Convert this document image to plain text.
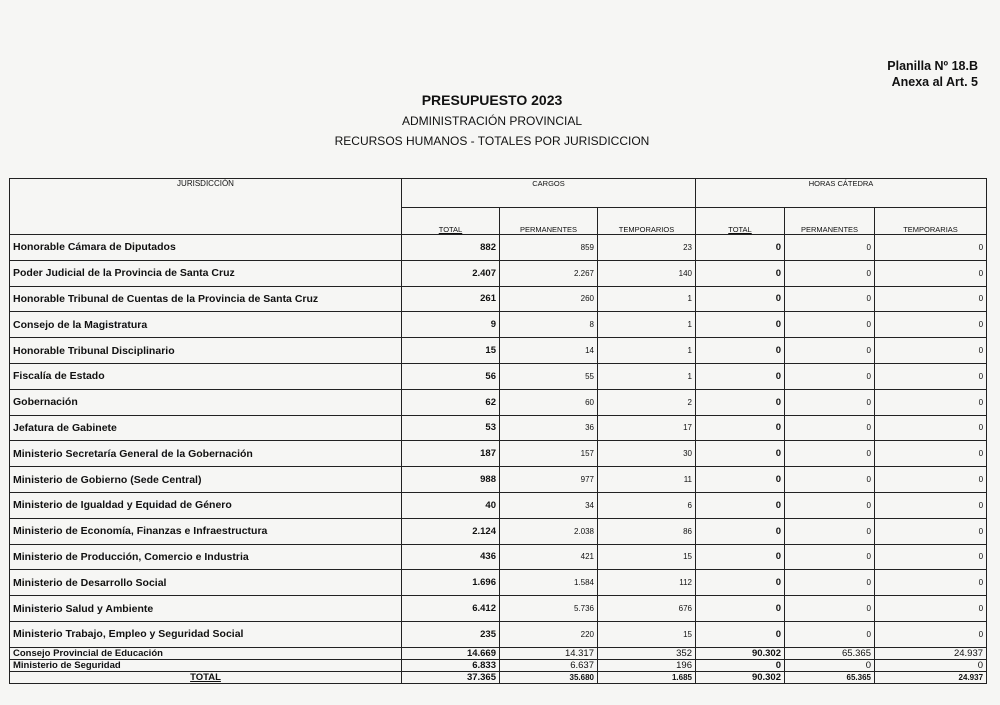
Planilla Nº 18.B
Anexa al Art. 5
PRESUPUESTO 2023
ADMINISTRACIÓN PROVINCIAL
RECURSOS HUMANOS - TOTALES POR JURISDICCION
JURISDICCIÓN	CARGOS			HORAS CÁTEDRA		
	TOTAL	PERMANENTES	TEMPORARIOS	TOTAL	PERMANENTES	TEMPORARIAS
Honorable Cámara de Diputados	882	859	23	0	0	0
Poder Judicial de la Provincia de Santa Cruz	2.407	2.267	140	0	0	0
Honorable Tribunal de Cuentas de la Provincia de Santa Cruz	261	260	1	0	0	0
Consejo de la Magistratura	9	8	1	0	0	0
Honorable Tribunal Disciplinario	15	14	1	0	0	0
Fiscalía de Estado	56	55	1	0	0	0
Gobernación	62	60	2	0	0	0
Jefatura de Gabinete	53	36	17	0	0	0
Ministerio Secretaría General de la Gobernación	187	157	30	0	0	0
Ministerio de Gobierno (Sede Central)	988	977	11	0	0	0
Ministerio de Igualdad y Equidad de Género	40	34	6	0	0	0
Ministerio de Economía, Finanzas e Infraestructura	2.124	2.038	86	0	0	0
Ministerio de Producción, Comercio e Industria	436	421	15	0	0	0
Ministerio de Desarrollo Social	1.696	1.584	112	0	0	0
Ministerio Salud y Ambiente	6.412	5.736	676	0	0	0
Ministerio Trabajo, Empleo y Seguridad Social	235	220	15	0	0	0
Consejo Provincial de Educación	14.669	14.317	352	90.302	65.365	24.937
Ministerio de Seguridad	6.833	6.637	196	0	0	0
TOTAL	37.365	35.680	1.685	90.302	65.365	24.937
